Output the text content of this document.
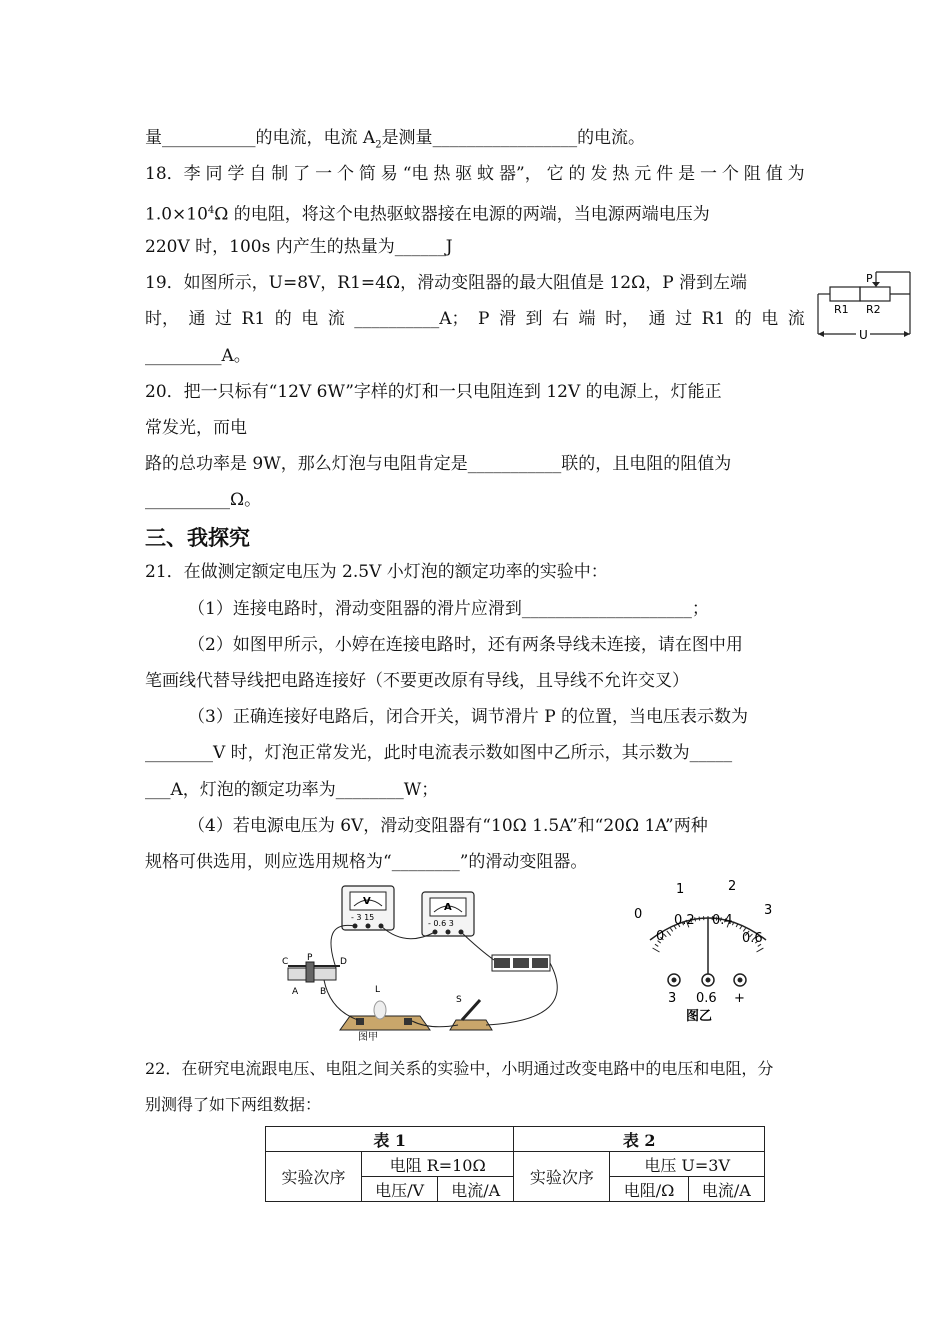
量___________的电流，电流 $A_2$是测量_________________的电流。
18．李 同 学 自 制 了 一 个 简 易 “电 热 驱 蚊 器”， 它 的 发 热 元 件 是 一 个 阻 值 为
$1.0\times 10^4\Omega$ 的电阻，将这个电热驱蚊器接在电源的两端，当电源两端电压为
220V 时，100s 内产生的热量为______J
19．如图所示，U=8V，R1=4Ω，滑动变阻器的最大阻值是 12Ω，P 滑到左端
时， 通 过 R1 的 电 流 __________A； P 滑 到 右 端 时， 通 过 R1 的 电 流
_________A。
P
R1 R2
U
20．把一只标有“12V 6W”字样的灯和一只电阻连到 12V 的电源上，灯能正
常发光，而电
路的总功率是 9W，那么灯泡与电阻肯定是___________联的，且电阻的阻值为
__________Ω。
三、我探究
21．在做测定额定电压为 2.5V 小灯泡的额定功率的实验中：
（1）连接电路时，滑动变阻器的滑片应滑到____________________；
（2）如图甲所示，小婷在连接电路时，还有两条导线未连接，请在图中用
笔画线代替导线把电路连接好（不要更改原有导线，且导线不允许交叉）
（3）正确连接好电路后，闭合开关，调节滑片 P 的位置，当电压表示数为
________V 时，灯泡正常发光，此时电流表示数如图中乙所示，其示数为_____
___A，灯泡的额定功率为________W；
（4）若电源电压为 6V，滑动变阻器有“10Ω 1.5A”和“20Ω 1A”两种
规格可供选用，则应选用规格为“________”的滑动变阻器。
V
- 3 15
A
- 0.6 3
C P	D
A B	L
图甲
S
0
1	2
3
0
0.2 0.4
0.6
3 0.6 +
图乙
22．在研究电流跟电压、电阻之间关系的实验中，小明通过改变电路中的电压和电阻，分
别测得了如下两组数据：
表 1			表 2		
实验次序	电阻 R=10Ω		实验次序	电压 U=3V	
	电压/V	电流/A		电阻/Ω	电流/A
